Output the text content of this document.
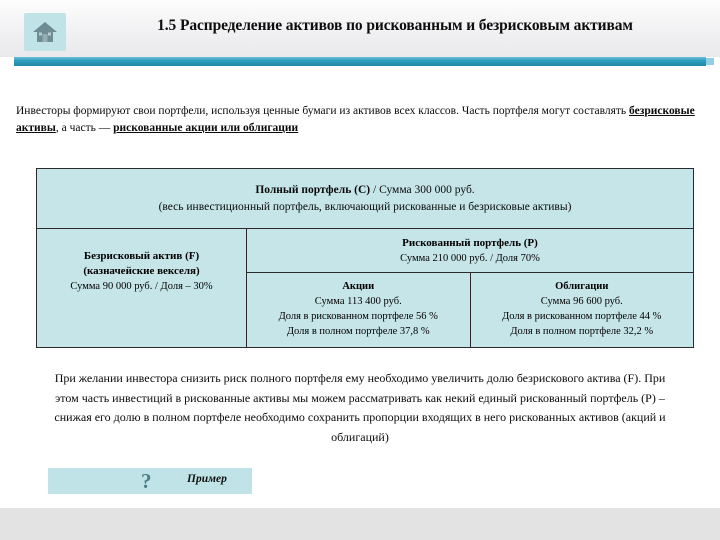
1.5 Распределение активов по рискованным и безрисковым активам
Инвесторы формируют свои портфели, используя ценные бумаги из активов всех классов. Часть портфеля могут составлять безрисковые активы, а часть — рискованные акции или облигации
Полный портфель (С) / Сумма 300 000 руб.
(весь инвестиционный портфель, включающий рискованные и безрисковые активы)
Безрисковый актив (F)
(казначейские векселя)
Сумма 90 000 руб. / Доля – 30%
Рискованный портфель (Р)
Сумма 210 000 руб. / Доля 70%
Акции
Сумма 113 400 руб.
Доля в рискованном портфеле 56 %
Доля в полном портфеле 37,8 %
Облигации
Сумма 96 600 руб.
Доля в рискованном портфеле 44 %
Доля в полном портфеле 32,2 %
При желании инвестора снизить риск полного портфеля ему необходимо увеличить долю безрискового актива (F). При этом часть инвестиций в рискованные активы мы можем рассматривать как некий единый рискованный портфель (Р) – снижая его долю в полном портфеле необходимо сохранить пропорции входящих в него рискованных активов (акций и облигаций)
?	Пример
